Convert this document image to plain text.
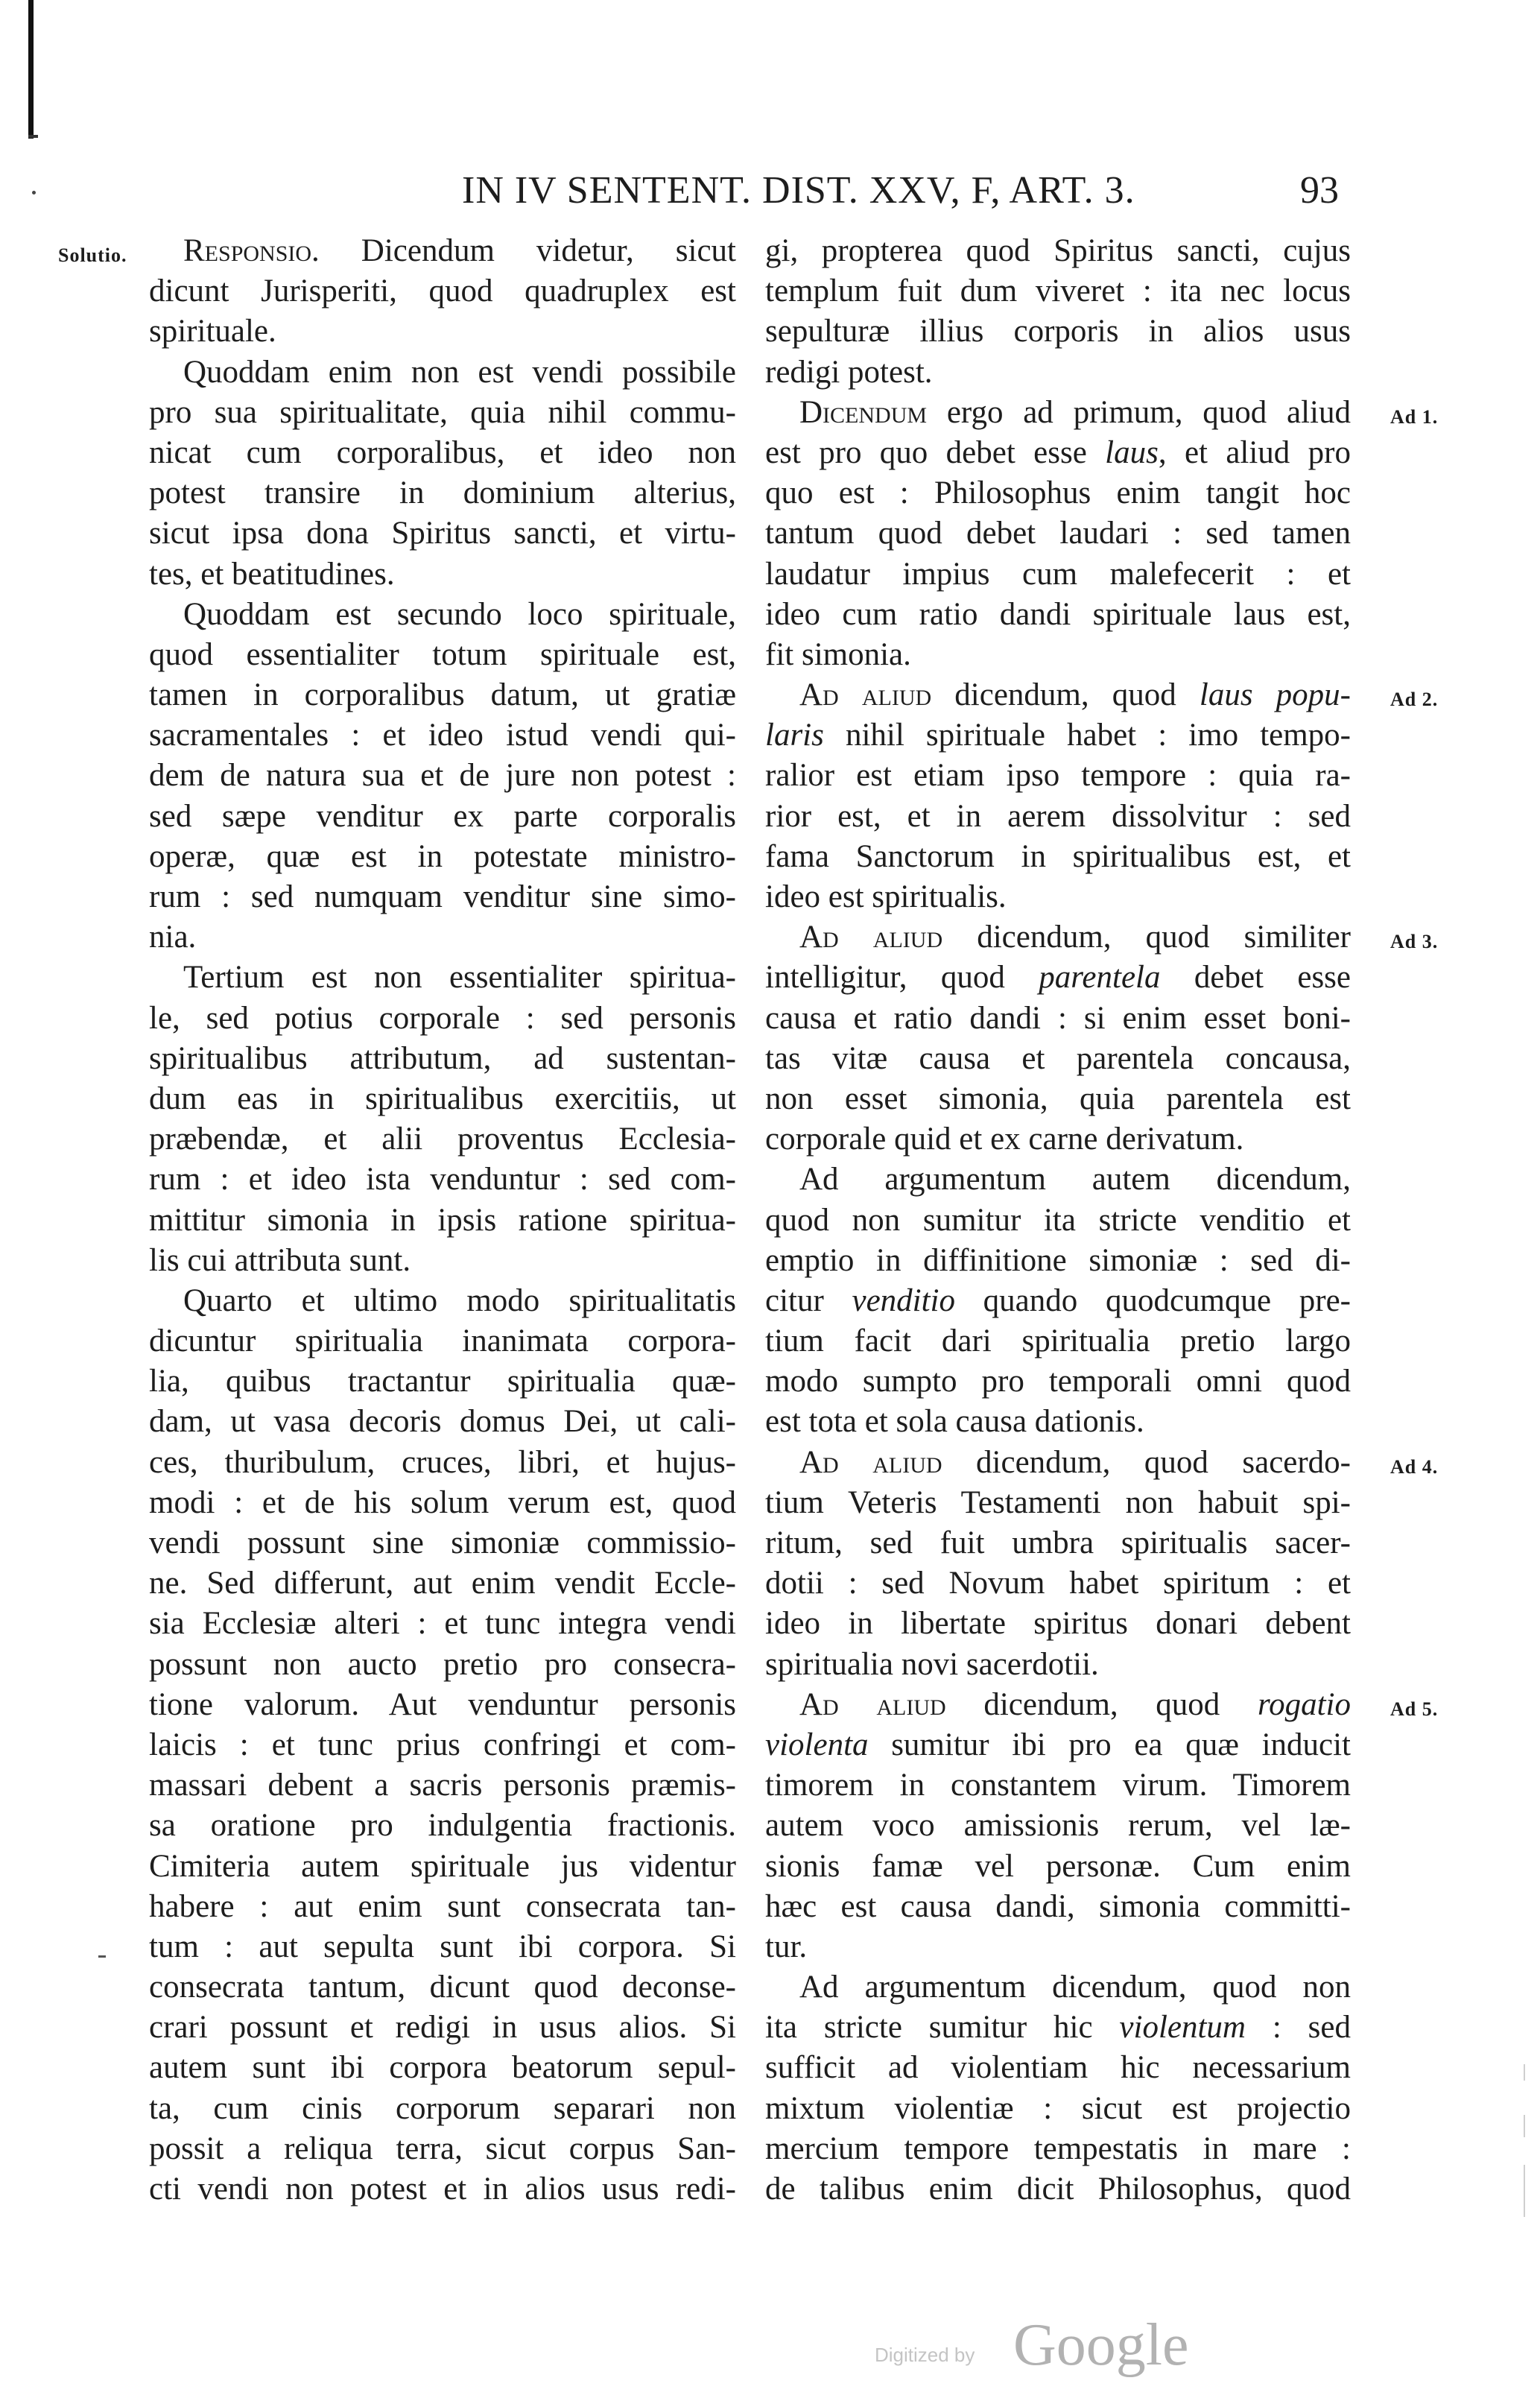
IN IV SENTENT. DIST. XXV, F, ART. 3.	93
Responsio. Dicendum videtur, sicut
Solutio.
dicunt Jurisperiti, quod quadruplex est
spirituale.
Quoddam enim non est vendi possibile
pro sua spiritualitate, quia nihil commu-
nicat cum corporalibus, et ideo non
potest transire in dominium alterius,
sicut ipsa dona Spiritus sancti, et virtu-
tes, et beatitudines.
Quoddam est secundo loco spirituale,
quod essentialiter totum spirituale est,
tamen in corporalibus datum, ut gratiæ
sacramentales : et ideo istud vendi qui-
dem de natura sua et de jure non potest :
sed sæpe venditur ex parte corporalis
operæ, quæ est in potestate ministro-
rum : sed numquam venditur sine simo-
nia.
Tertium est non essentialiter spiritua-
le, sed potius corporale : sed personis
spiritualibus attributum, ad sustentan-
dum eas in spiritualibus exercitiis, ut
præbendæ, et alii proventus Ecclesia-
rum : et ideo ista venduntur : sed com-
mittitur simonia in ipsis ratione spiritua-
lis cui attributa sunt.
Quarto et ultimo modo spiritualitatis
dicuntur spiritualia inanimata corpora-
lia, quibus tractantur spiritualia quæ-
dam, ut vasa decoris domus Dei, ut cali-
ces, thuribulum, cruces, libri, et hujus-
modi : et de his solum verum est, quod
vendi possunt sine simoniæ commissio-
ne. Sed differunt, aut enim vendit Eccle-
sia Ecclesiæ alteri : et tunc integra vendi
possunt non aucto pretio pro consecra-
tione valorum. Aut venduntur personis
laicis : et tunc prius confringi et com-
massari debent a sacris personis præmis-
sa oratione pro indulgentia fractionis.
Cimiteria autem spirituale jus videntur
habere : aut enim sunt consecrata tan-
tum : aut sepulta sunt ibi corpora. Si
consecrata tantum, dicunt quod deconse-
crari possunt et redigi in usus alios. Si
autem sunt ibi corpora beatorum sepul-
ta, cum cinis corporum separari non
possit a reliqua terra, sicut corpus San-
cti vendi non potest et in alios usus redi-
gi, propterea quod Spiritus sancti, cujus
templum fuit dum viveret : ita nec locus
sepulturæ illius corporis in alios usus
redigi potest.
Dicendum ergo ad primum, quod aliud Ad 1.
est pro quo debet esse laus, et aliud pro
quo est : Philosophus enim tangit hoc
tantum quod debet laudari : sed tamen
laudatur impius cum malefecerit : et
ideo cum ratio dandi spirituale laus est,
fit simonia.
Ad aliud dicendum, quod laus popu- Ad 2.
laris nihil spirituale habet : imo tempo-
ralior est etiam ipso tempore : quia ra-
rior est, et in aerem dissolvitur : sed
fama Sanctorum in spiritualibus est, et
ideo est spiritualis.
Ad aliud dicendum, quod similiter Ad 3.
intelligitur, quod parentela debet esse
causa et ratio dandi : si enim esset boni-
tas vitæ causa et parentela concausa,
non esset simonia, quia parentela est
corporale quid et ex carne derivatum.
Ad argumentum autem dicendum,
quod non sumitur ita stricte venditio et
emptio in diffinitione simoniæ : sed di-
citur venditio quando quodcumque pre-
tium facit dari spiritualia pretio largo
modo sumpto pro temporali omni quod
est tota et sola causa dationis.
Ad aliud dicendum, quod sacerdo- Ad 4.
tium Veteris Testamenti non habuit spi-
ritum, sed fuit umbra spiritualis sacer-
dotii : sed Novum habet spiritum : et
ideo in libertate spiritus donari debent
spiritualia novi sacerdotii.
Ad aliud dicendum, quod rogatio Ad 5.
violenta sumitur ibi pro ea quæ inducit
timorem in constantem virum. Timorem
autem voco amissionis rerum, vel læ-
sionis famæ vel personæ. Cum enim
hæc est causa dandi, simonia committi-
tur.
Ad argumentum dicendum, quod non
ita stricte sumitur hic violentum : sed
sufficit ad violentiam hic necessarium
mixtum violentiæ : sicut est projectio
mercium tempore tempestatis in mare :
de talibus enim dicit Philosophus, quod
Digitized by Google
